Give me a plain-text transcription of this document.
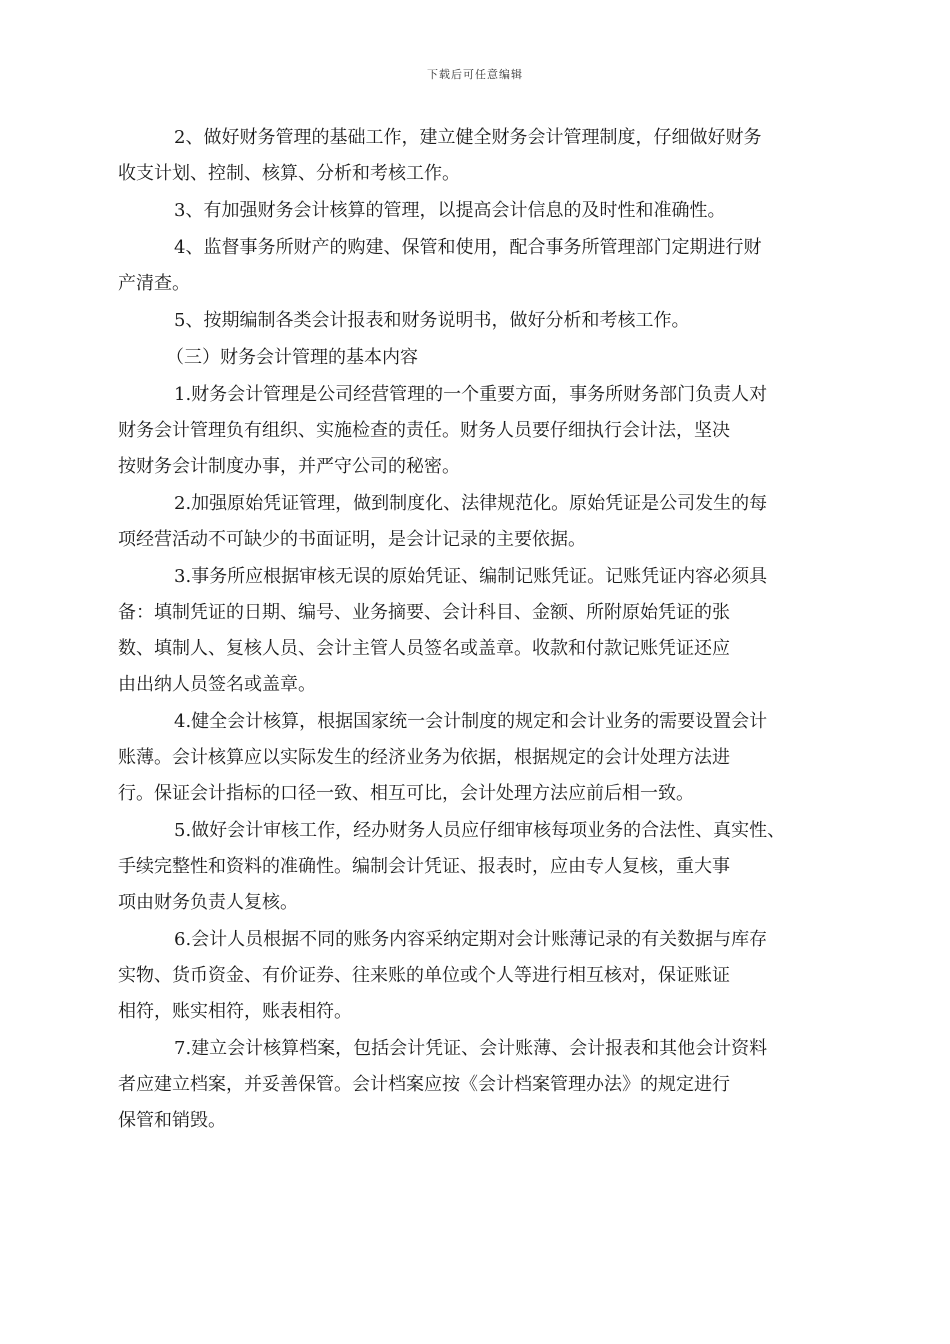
下载后可任意编辑

2、做好财务管理的基础工作，建立健全财务会计管理制度，仔细做好财务
收支计划、控制、核算、分析和考核工作。

3、有加强财务会计核算的管理，以提高会计信息的及时性和准确性。

4、监督事务所财产的购建、保管和使用，配合事务所管理部门定期进行财
产清查。

5、按期编制各类会计报表和财务说明书，做好分析和考核工作。

（三）财务会计管理的基本内容

1.财务会计管理是公司经营管理的一个重要方面，事务所财务部门负责人对
财务会计管理负有组织、实施检查的责任。财务人员要仔细执行会计法，坚决
按财务会计制度办事，并严守公司的秘密。

2.加强原始凭证管理，做到制度化、法律规范化。原始凭证是公司发生的每
项经营活动不可缺少的书面证明，是会计记录的主要依据。

3.事务所应根据审核无误的原始凭证、编制记账凭证。记账凭证内容必须具
备：填制凭证的日期、编号、业务摘要、会计科目、金额、所附原始凭证的张
数、填制人、复核人员、会计主管人员签名或盖章。收款和付款记账凭证还应
由出纳人员签名或盖章。

4.健全会计核算，根据国家统一会计制度的规定和会计业务的需要设置会计
账薄。会计核算应以实际发生的经济业务为依据，根据规定的会计处理方法进
行。保证会计指标的口径一致、相互可比，会计处理方法应前后相一致。

5.做好会计审核工作，经办财务人员应仔细审核每项业务的合法性、真实性、
手续完整性和资料的准确性。编制会计凭证、报表时，应由专人复核，重大事
项由财务负责人复核。

6.会计人员根据不同的账务内容采纳定期对会计账薄记录的有关数据与库存
实物、货币资金、有价证券、往来账的单位或个人等进行相互核对，保证账证
相符，账实相符，账表相符。

7.建立会计核算档案，包括会计凭证、会计账薄、会计报表和其他会计资料
者应建立档案，并妥善保管。会计档案应按《会计档案管理办法》的规定进行
保管和销毁。
